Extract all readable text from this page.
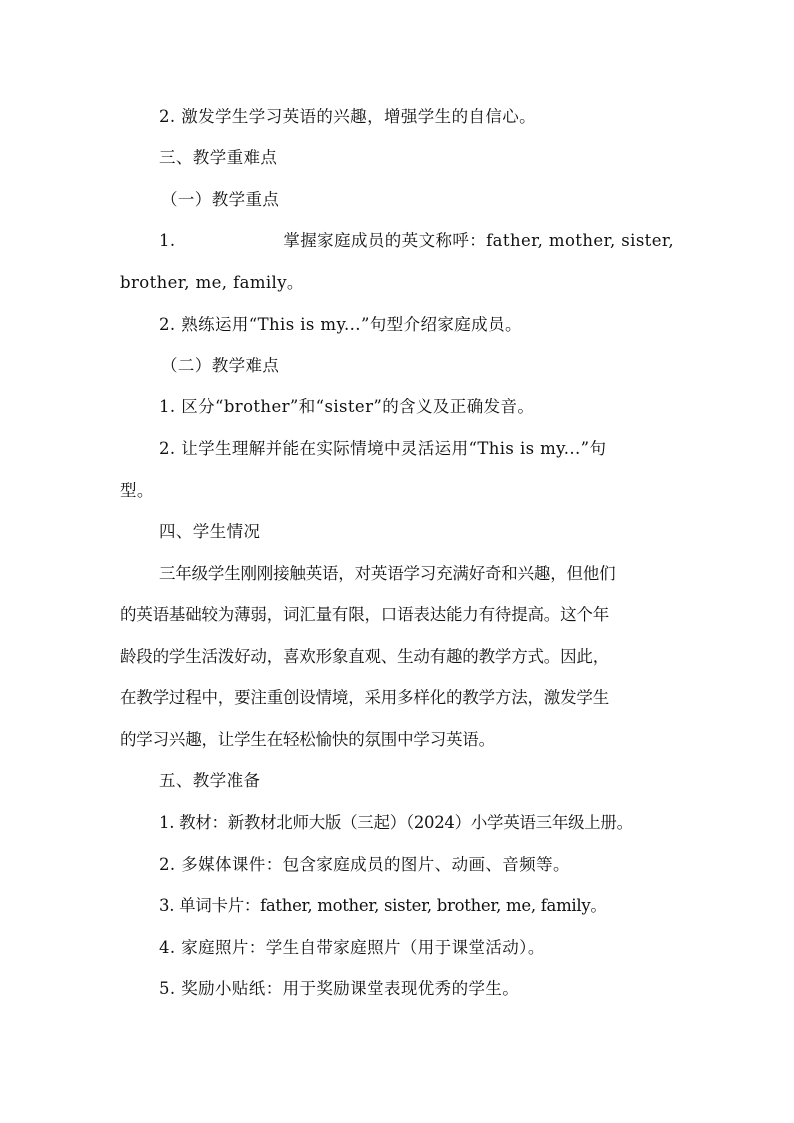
2. 激发学生学习英语的兴趣，增强学生的自信心。
三、教学重难点
（一）教学重点
1.	掌握家庭成员的英文称呼：father, mother, sister,
brother, me, family。
2. 熟练运用“This is my...”句型介绍家庭成员。
（二）教学难点
1. 区分“brother”和“sister”的含义及正确发音。
2. 让学生理解并能在实际情境中灵活运用“This is my...”句
型。
四、学生情况
三年级学生刚刚接触英语，对英语学习充满好奇和兴趣，但他们
的英语基础较为薄弱，词汇量有限，口语表达能力有待提高。这个年
龄段的学生活泼好动，喜欢形象直观、生动有趣的教学方式。因此，
在教学过程中，要注重创设情境，采用多样化的教学方法，激发学生
的学习兴趣，让学生在轻松愉快的氛围中学习英语。
五、教学准备
1. 教材：新教材北师大版（三起）（2024）小学英语三年级上册。
2. 多媒体课件：包含家庭成员的图片、动画、音频等。
3. 单词卡片：father, mother, sister, brother, me, family。
4. 家庭照片：学生自带家庭照片（用于课堂活动）。
5. 奖励小贴纸：用于奖励课堂表现优秀的学生。
